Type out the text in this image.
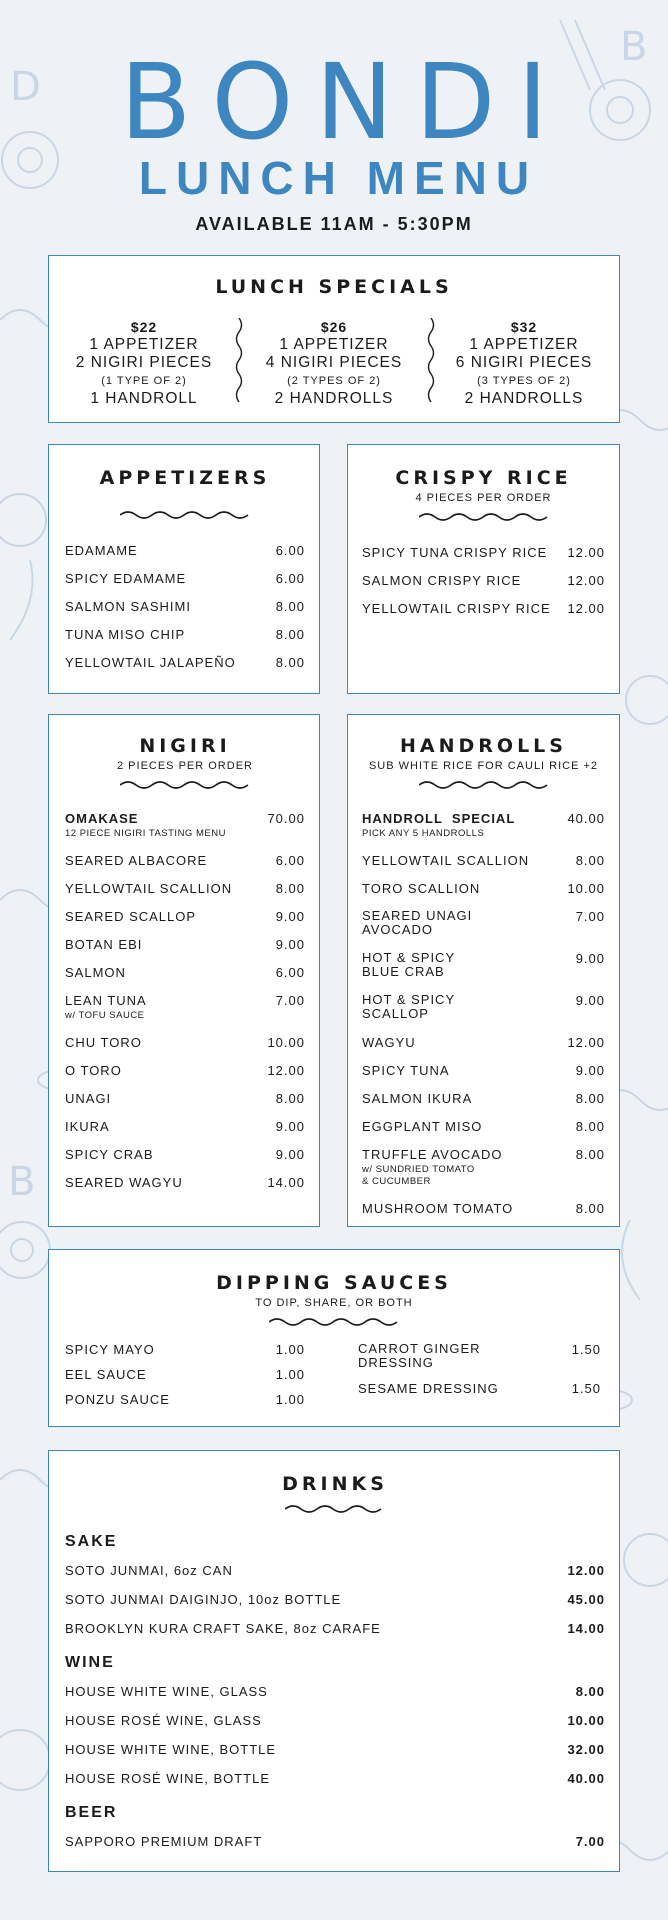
D
B
B
BONDI
LUNCH MENU
AVAILABLE 11AM - 5:30PM
LUNCH SPECIALS
$22
1 APPETIZER
2 NIGIRI PIECES
(1 TYPE OF 2)
1 HANDROLL
$26
1 APPETIZER
4 NIGIRI PIECES
(2 TYPES OF 2)
2 HANDROLLS
$32
1 APPETIZER
6 NIGIRI PIECES
(3 TYPES OF 2)
2 HANDROLLS
APPETIZERS
EDAMAME	6.00
SPICY EDAMAME	6.00
SALMON SASHIMI	8.00
TUNA MISO CHIP	8.00
YELLOWTAIL JALAPEÑO	8.00
CRISPY RICE
4 PIECES PER ORDER
SPICY TUNA CRISPY RICE	12.00
SALMON CRISPY RICE	12.00
YELLOWTAIL CRISPY RICE	12.00
NIGIRI
2 PIECES PER ORDER
OMAKASE
12 PIECE NIGIRI TASTING MENU
70.00
SEARED ALBACORE	6.00
YELLOWTAIL SCALLION	8.00
SEARED SCALLOP	9.00
BOTAN EBI	9.00
SALMON	6.00
LEAN TUNA
w/ TOFU SAUCE
7.00
CHU TORO	10.00
O TORO	12.00
UNAGI	8.00
IKURA	9.00
SPICY CRAB	9.00
SEARED WAGYU	14.00
HANDROLLS
SUB WHITE RICE FOR CAULI RICE +2
HANDROLL  SPECIAL
PICK ANY 5 HANDROLLS
40.00
YELLOWTAIL SCALLION	8.00
TORO SCALLION	10.00
SEARED UNAGI AVOCADO
7.00
HOT & SPICY BLUE CRAB
9.00
HOT & SPICY SCALLOP
9.00
WAGYU	12.00
SPICY TUNA	9.00
SALMON IKURA	8.00
EGGPLANT MISO	8.00
TRUFFLE AVOCADO
w/ SUNDRIED TOMATO & CUCUMBER
8.00
MUSHROOM TOMATO	8.00
DIPPING SAUCES
TO DIP, SHARE, OR BOTH
SPICY MAYO	1.00
EEL SAUCE	1.00
PONZU SAUCE	1.00
CARROT GINGER DRESSING
1.50
SESAME DRESSING	1.50
DRINKS
SAKE
SOTO JUNMAI, 6oz CAN	12.00
SOTO JUNMAI DAIGINJO, 10oz BOTTLE	45.00
BROOKLYN KURA CRAFT SAKE, 8oz CARAFE	14.00
WINE
HOUSE WHITE WINE, GLASS	8.00
HOUSE ROSÉ WINE, GLASS	10.00
HOUSE WHITE WINE, BOTTLE	32.00
HOUSE ROSÉ WINE, BOTTLE	40.00
BEER
SAPPORO PREMIUM DRAFT	7.00
